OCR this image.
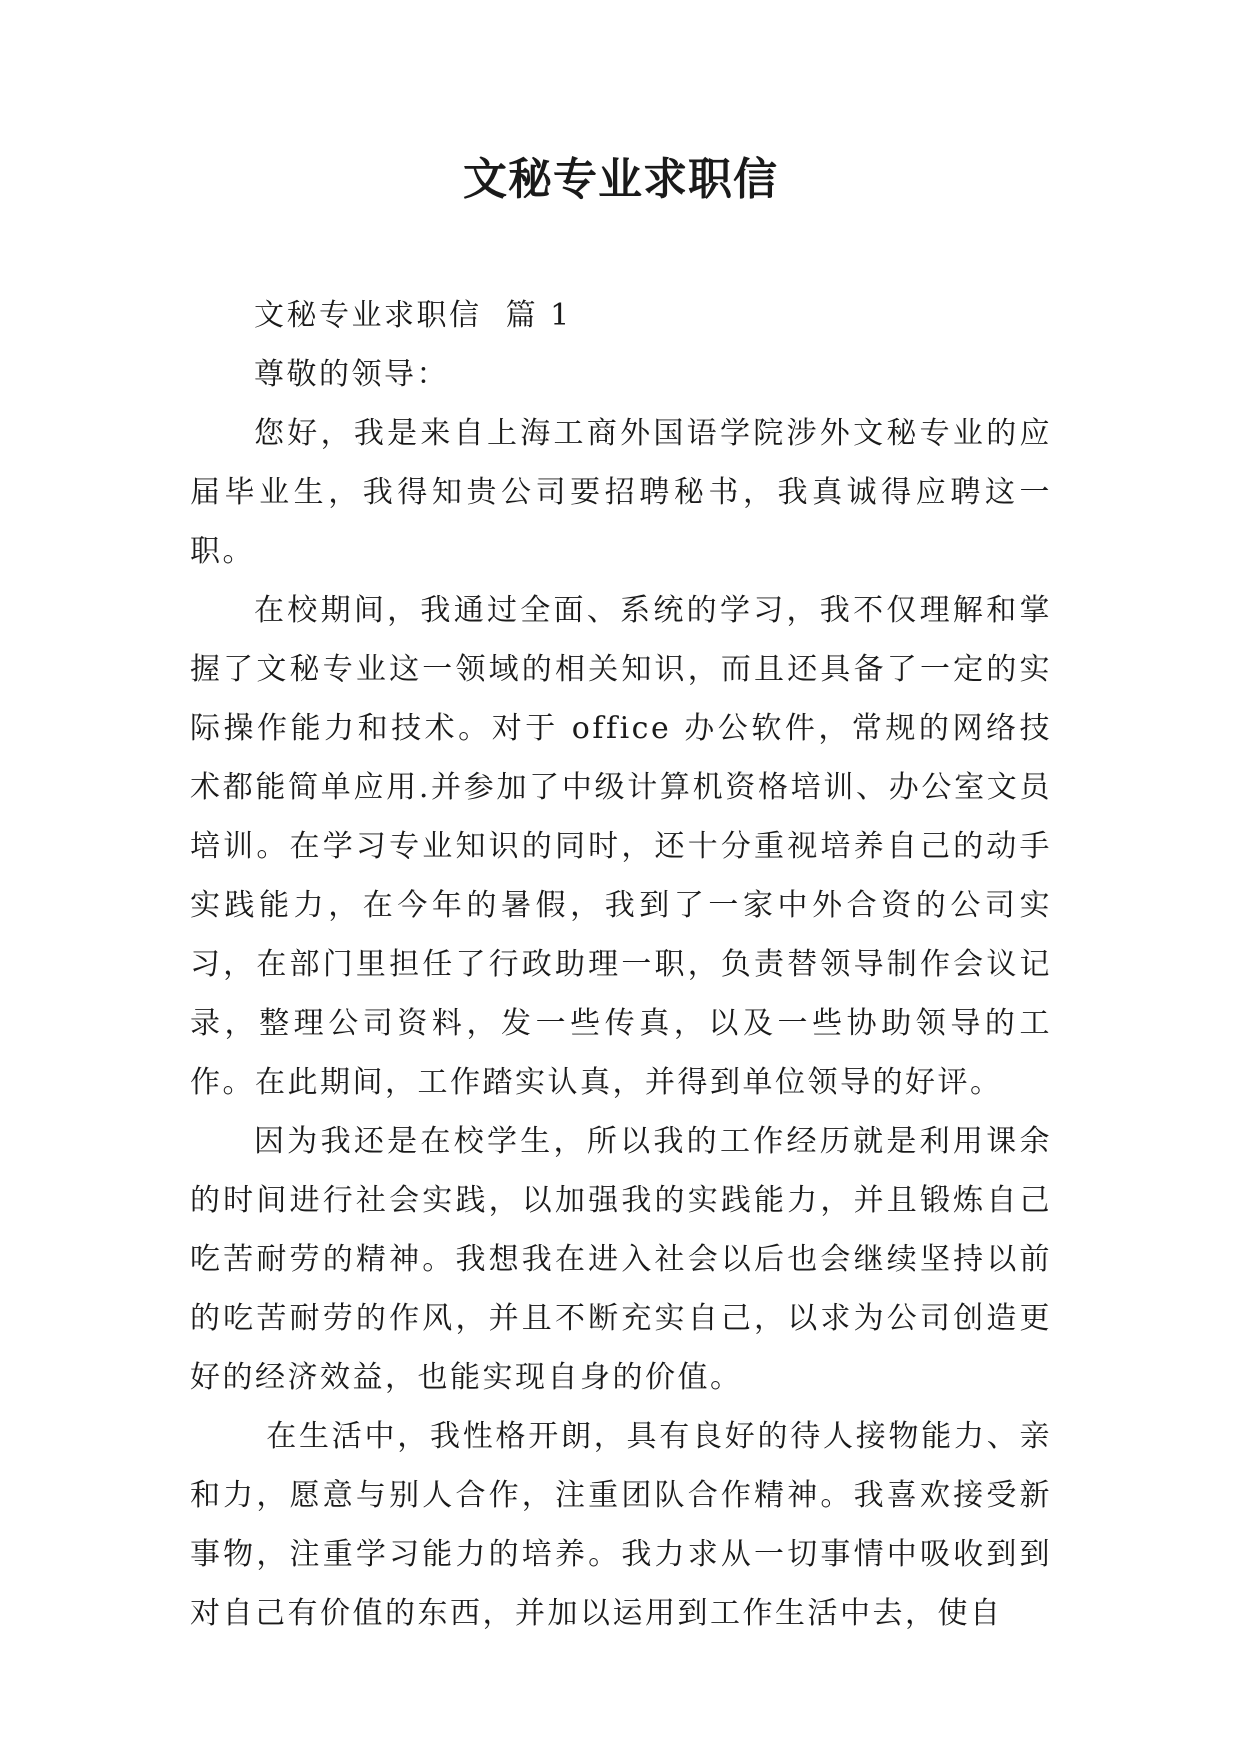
文秘专业求职信

文秘专业求职信  篇 1

尊敬的领导：

您好，我是来自上海工商外国语学院涉外文秘专业的应届毕业生，我得知贵公司要招聘秘书，我真诚得应聘这一职。

在校期间，我通过全面、系统的学习，我不仅理解和掌握了文秘专业这一领域的相关知识，而且还具备了一定的实际操作能力和技术。对于 office 办公软件，常规的网络技术都能简单应用.并参加了中级计算机资格培训、办公室文员培训。在学习专业知识的同时，还十分重视培养自己的动手实践能力，在今年的暑假，我到了一家中外合资的公司实习，在部门里担任了行政助理一职，负责替领导制作会议记录，整理公司资料，发一些传真，以及一些协助领导的工作。在此期间，工作踏实认真，并得到单位领导的好评。

因为我还是在校学生，所以我的工作经历就是利用课余的时间进行社会实践，以加强我的实践能力，并且锻炼自己吃苦耐劳的精神。我想我在进入社会以后也会继续坚持以前的吃苦耐劳的作风，并且不断充实自己，以求为公司创造更好的经济效益，也能实现自身的价值。

在生活中，我性格开朗，具有良好的待人接物能力、亲和力，愿意与别人合作，注重团队合作精神。我喜欢接受新事物，注重学习能力的培养。我力求从一切事情中吸收到到对自己有价值的东西，并加以运用到工作生活中去，使自
